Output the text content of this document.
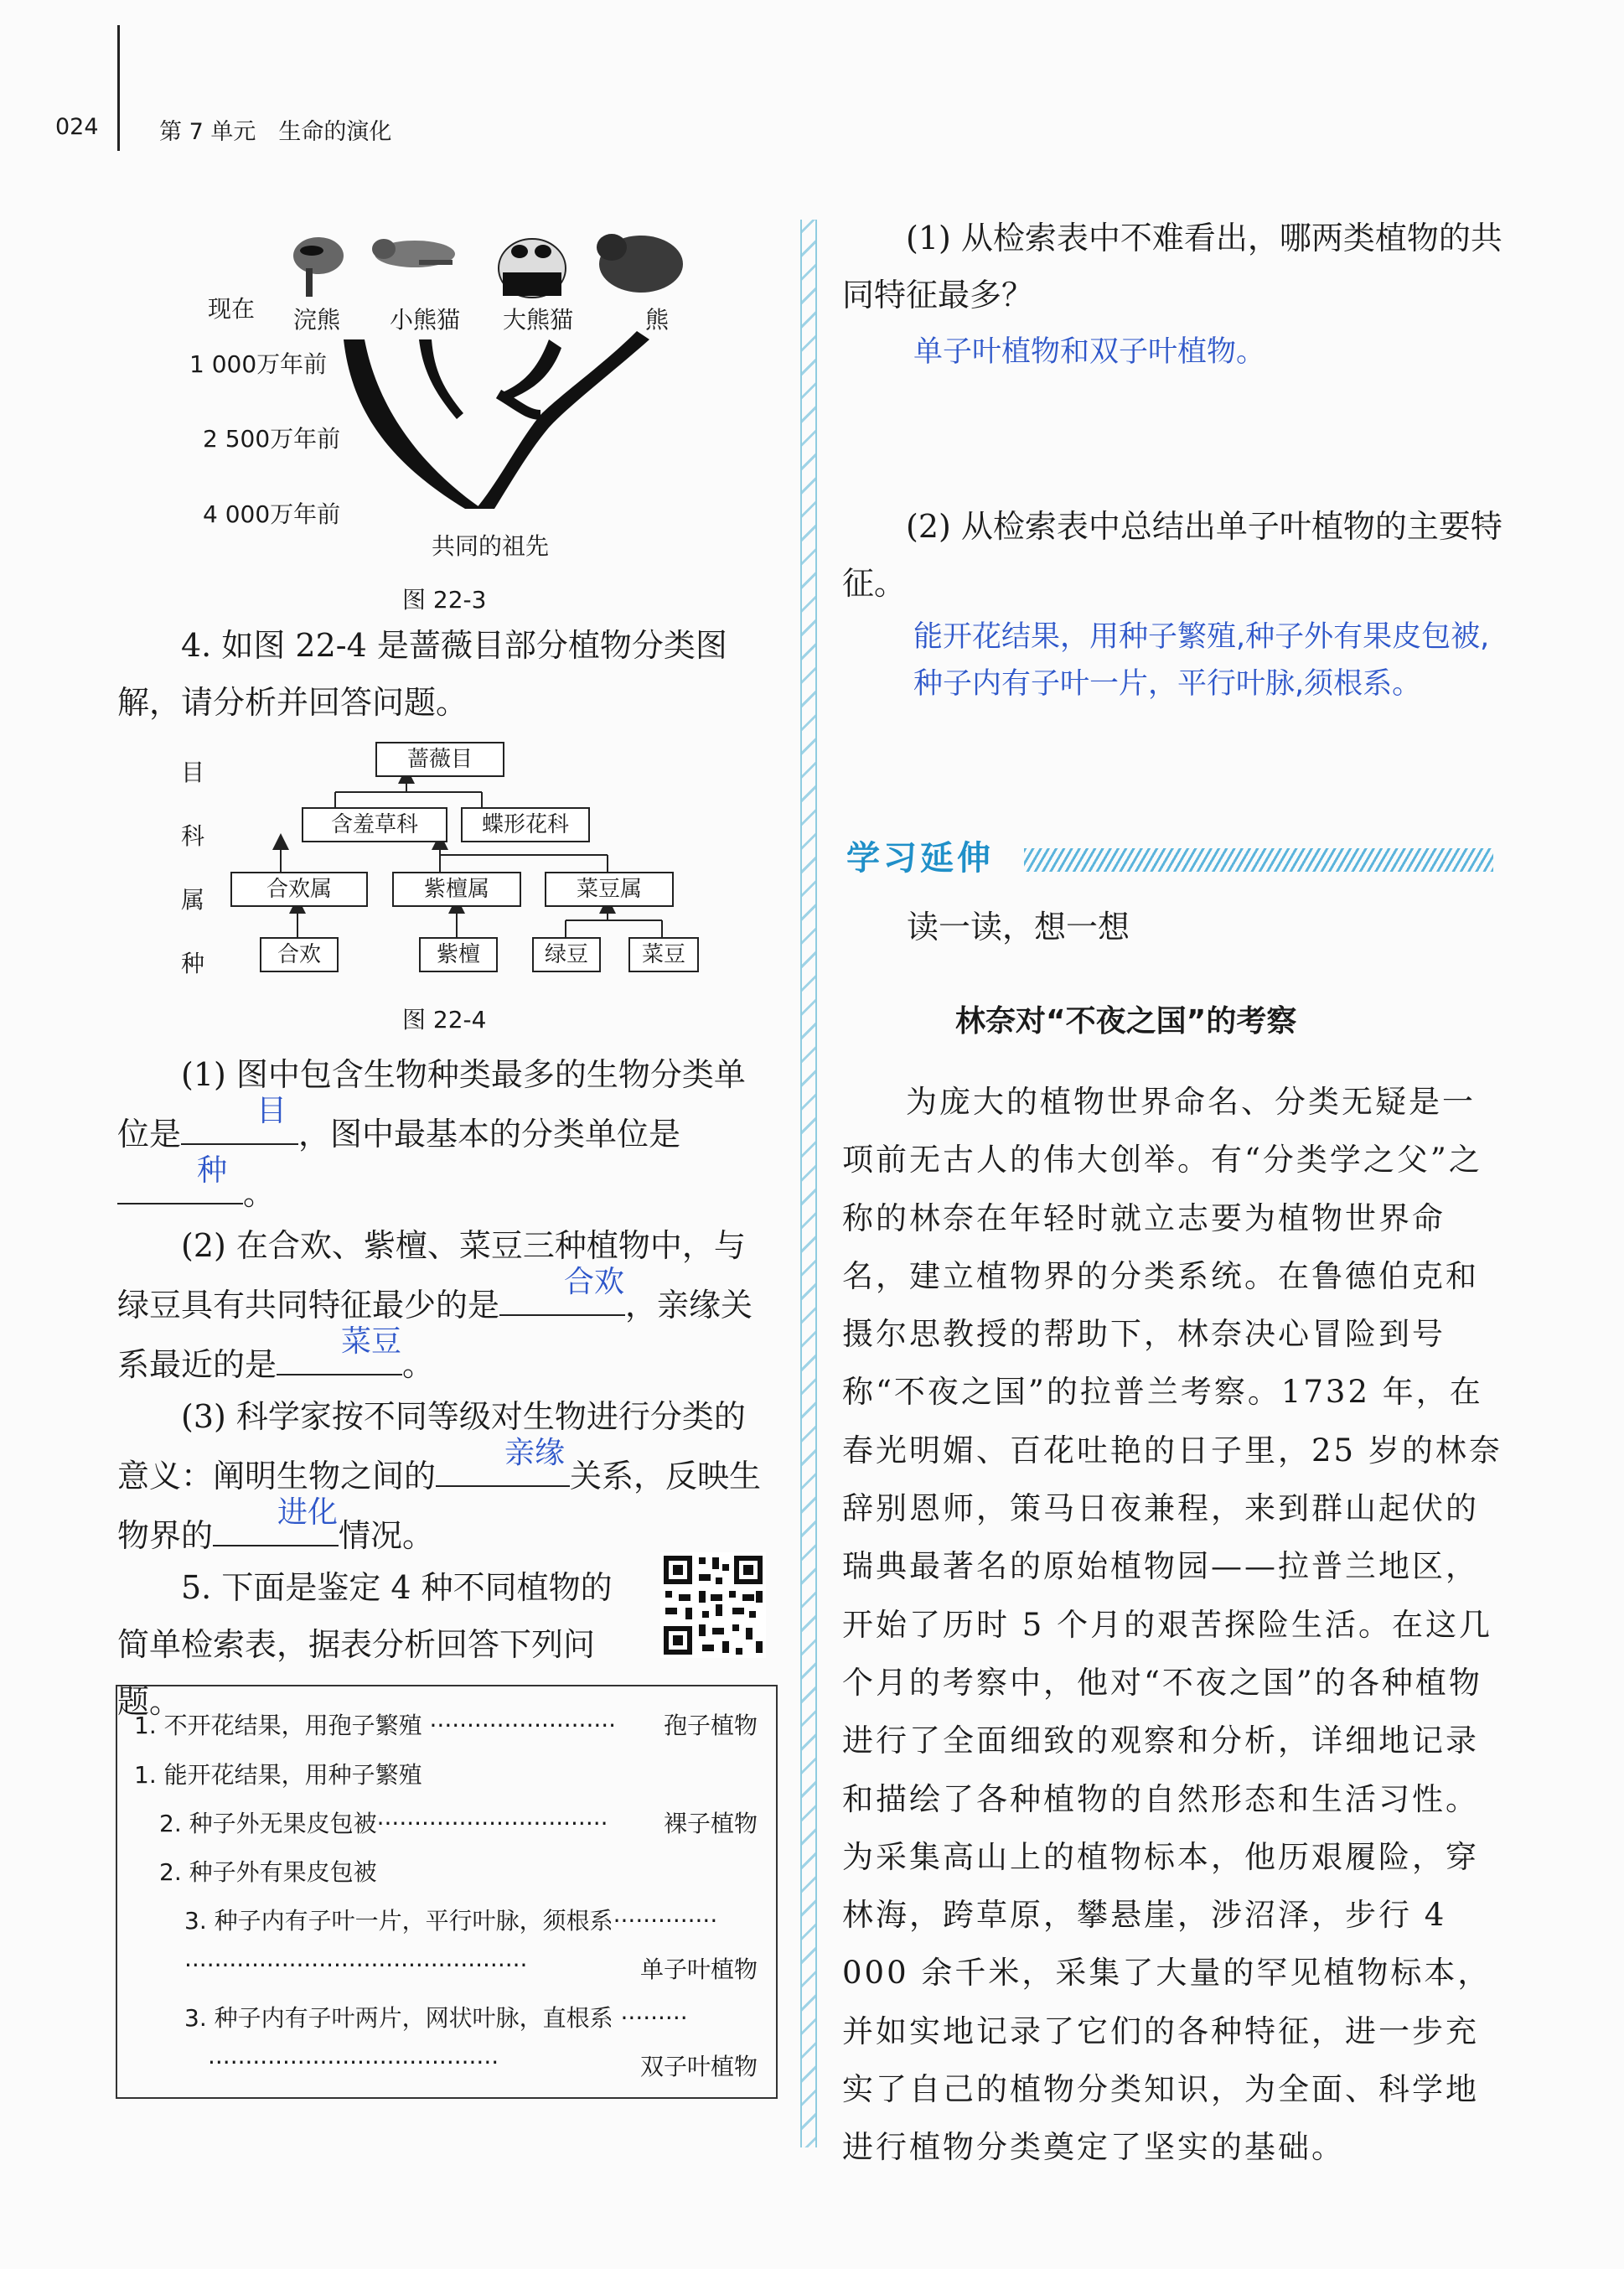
024	第 7 单元　生命的演化
现在 浣熊 小熊猫 大熊猫	熊
1 000万年前
2 500万年前
4 000万年前
共同的祖先
图 22-3
4. 如图 22-4 是蔷薇目部分植物分类图解，请分析并回答问题。
目
科
属
种
蔷薇目
含羞草科	蝶形花科
合欢属	紫檀属	菜豆属
合欢	紫檀	绿豆	菜豆
图 22-4
(1) 图中包含生物种类最多的生物分类单位是
目
，图中最基本的分类单位是
种
。
(2) 在合欢、紫檀、菜豆三种植物中，与绿豆具有共同特征最少的是
合欢
，亲缘关系最近的是
菜豆
。
(3) 科学家按不同等级对生物进行分类的意义：阐明生物之间的
亲缘
关系，反映生物界的
进化
情况。
5. 下面是鉴定 4 种不同植物的简单检索表，据表分析回答下列问题。
1. 不开花结果，用孢子繁殖 ························· 孢子植物
1. 能开花结果，用种子繁殖
2. 种子外无果皮包被······························· 裸子植物
2. 种子外有果皮包被
3. 种子内有子叶一片，平行叶脉，须根系··············
··············································	单子叶植物
3. 种子内有子叶两片，网状叶脉，直根系 ·········
·······································	双子叶植物
(1) 从检索表中不难看出，哪两类植物的共同特征最多？
单子叶植物和双子叶植物。
(2) 从检索表中总结出单子叶植物的主要特征。
能开花结果，用种子繁殖,种子外有果皮包被,种子内有子叶一片，平行叶脉,须根系。
学习延伸
读一读，想一想
林奈对“不夜之国”的考察
为庞大的植物世界命名、分类无疑是一项前无古人的伟大创举。有“分类学之父”之称的林奈在年轻时就立志要为植物世界命名，建立植物界的分类系统。在鲁德伯克和摄尔思教授的帮助下，林奈决心冒险到号称“不夜之国”的拉普兰考察。1732 年，在春光明媚、百花吐艳的日子里，25 岁的林奈辞别恩师，策马日夜兼程，来到群山起伏的瑞典最著名的原始植物园——拉普兰地区，开始了历时 5 个月的艰苦探险生活。在这几个月的考察中，他对“不夜之国”的各种植物进行了全面细致的观察和分析，详细地记录和描绘了各种植物的自然形态和生活习性。为采集高山上的植物标本，他历艰履险，穿林海，跨草原，攀悬崖，涉沼泽，步行 4 000 余千米，采集了大量的罕见植物标本，并如实地记录了它们的各种特征，进一步充实了自己的植物分类知识，为全面、科学地进行植物分类奠定了坚实的基础。
